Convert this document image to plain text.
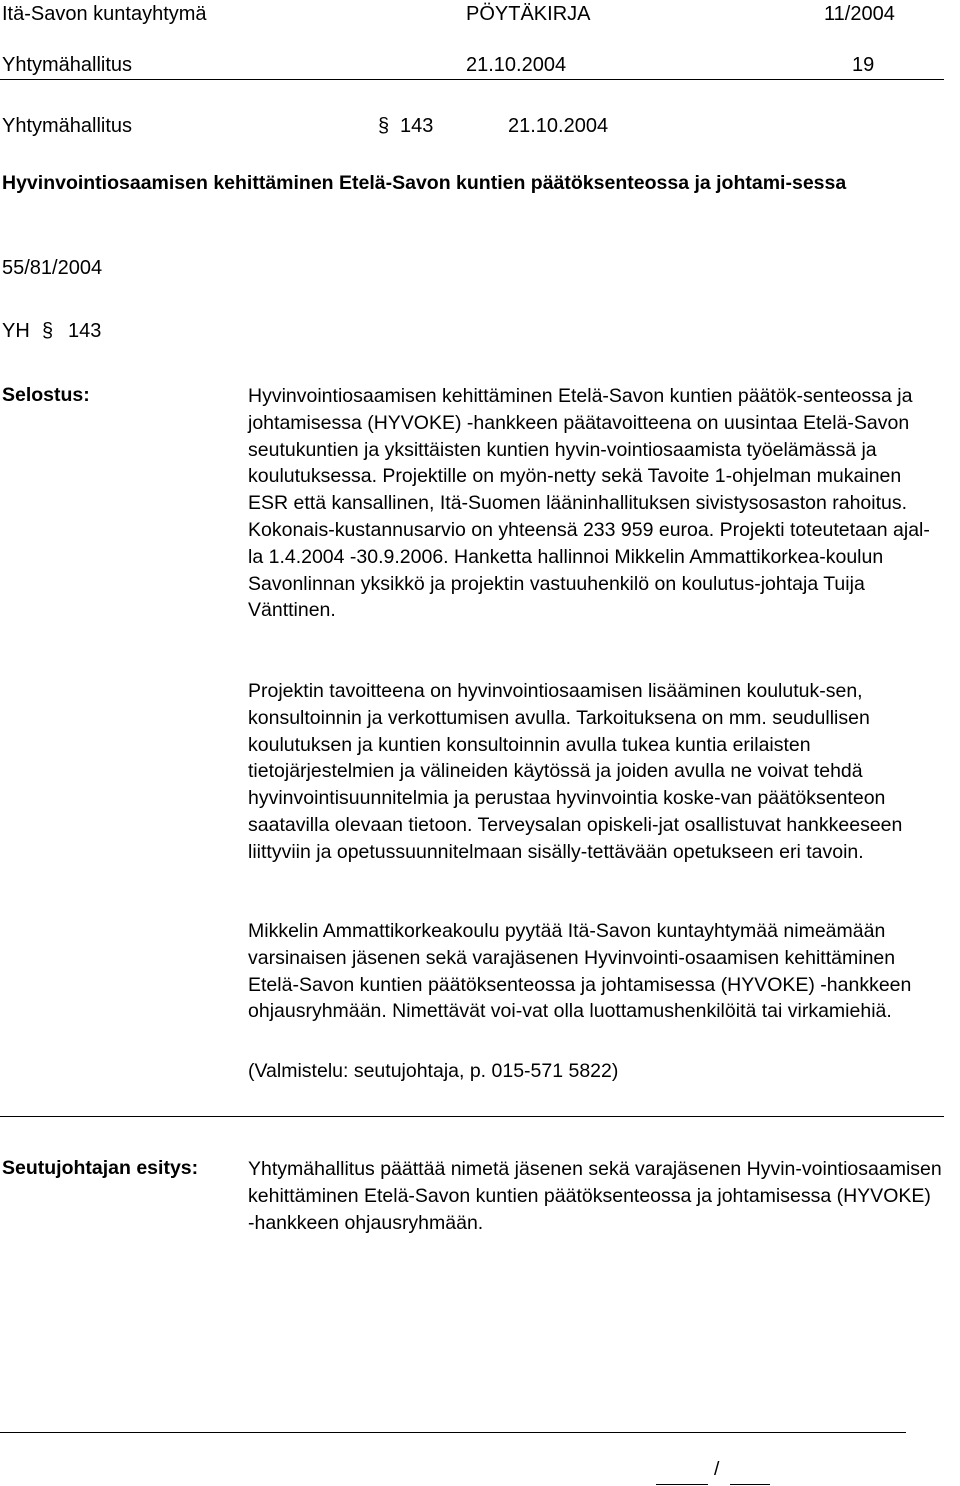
Itä-Savon kuntayhtymä	PÖYTÄKIRJA	11/2004
Yhtymähallitus	21.10.2004	19
Yhtymähallitus	§ 143	21.10.2004
Hyvinvointiosaamisen kehittäminen Etelä-Savon kuntien päätöksenteossa ja johtami-sessa
55/81/2004
YH § 143
Selostus:	Hyvinvointiosaamisen kehittäminen Etelä-Savon kuntien päätök-senteossa ja johtamisessa (HYVOKE) -hankkeen päätavoitteena on uusintaa Etelä-Savon seutukuntien ja yksittäisten kuntien hyvin-vointiosaamista työelämässä ja koulutuksessa. Projektille on myön-netty sekä Tavoite 1-ohjelman mukainen ESR että kansallinen, Itä-Suomen lääninhallituksen sivistysosaston rahoitus. Kokonais-kustannusarvio on yhteensä 233 959 euroa. Projekti toteutetaan ajal-la 1.4.2004 -30.9.2006. Hanketta hallinnoi Mikkelin Ammattikorkea-koulun Savonlinnan yksikkö ja projektin vastuuhenkilö on koulutus-johtaja Tuija Vänttinen.

Projektin tavoitteena on hyvinvointiosaamisen lisääminen koulutuk-sen, konsultoinnin ja verkottumisen avulla. Tarkoituksena on mm. seudullisen koulutuksen ja kuntien konsultoinnin avulla tukea kuntia erilaisten tietojärjestelmien ja välineiden käytössä ja joiden avulla ne voivat tehdä hyvinvointisuunnitelmia ja perustaa hyvinvointia koske-van päätöksenteon saatavilla olevaan tietoon. Terveysalan opiskeli-jat osallistuvat hankkeeseen liittyviin ja opetussuunnitelmaan sisälly-tettävään opetukseen eri tavoin.

Mikkelin Ammattikorkeakoulu pyytää Itä-Savon kuntayhtymää nimeämään varsinaisen jäsenen sekä varajäsenen Hyvinvointi-osaamisen kehittäminen Etelä-Savon kuntien päätöksenteossa ja johtamisessa (HYVOKE) -hankkeen ohjausryhmään. Nimettävät voi-vat olla luottamushenkilöitä tai virkamiehiä.

(Valmistelu: seutujohtaja, p. 015-571 5822)
Seutujohtajan esitys:	Yhtymähallitus päättää nimetä jäsenen sekä varajäsenen Hyvin-vointiosaamisen kehittäminen Etelä-Savon kuntien päätöksenteossa ja johtamisessa (HYVOKE) -hankkeen ohjausryhmään.

/
